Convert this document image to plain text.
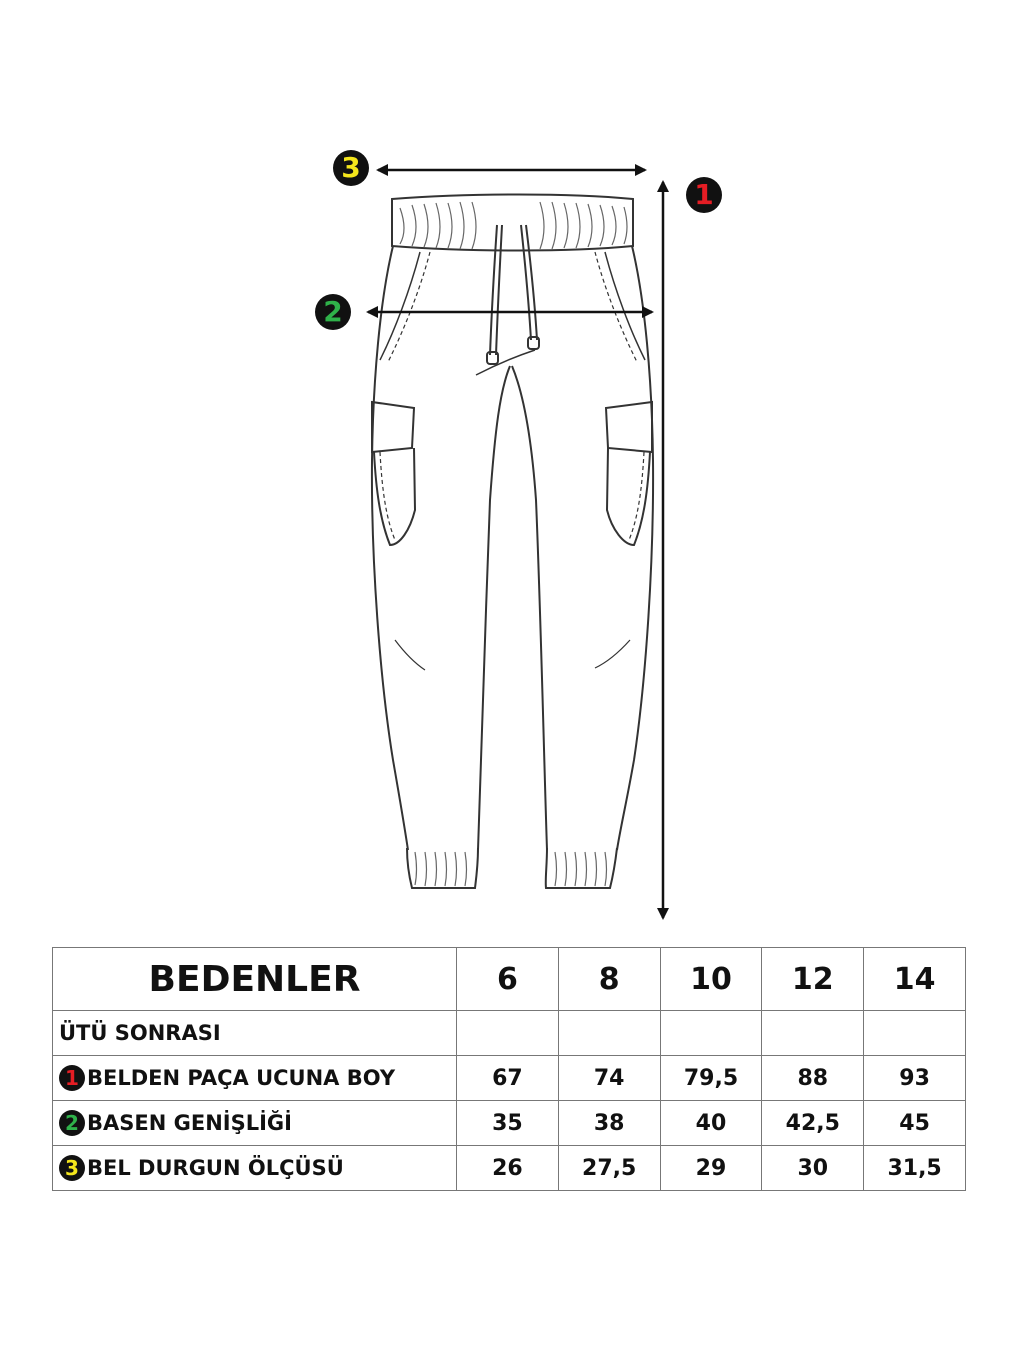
3
1
2
BEDENLER	6	8	10	12	14
ÜTÜ SONRASI					

1 BELDEN PAÇA UCUNA BOY	67	74	79,5	88	93

2 BASEN GENİŞLİĞİ	35	38	40	42,5	45

3 BEL DURGUN ÖLÇÜSÜ	26	27,5	29	30	31,5
